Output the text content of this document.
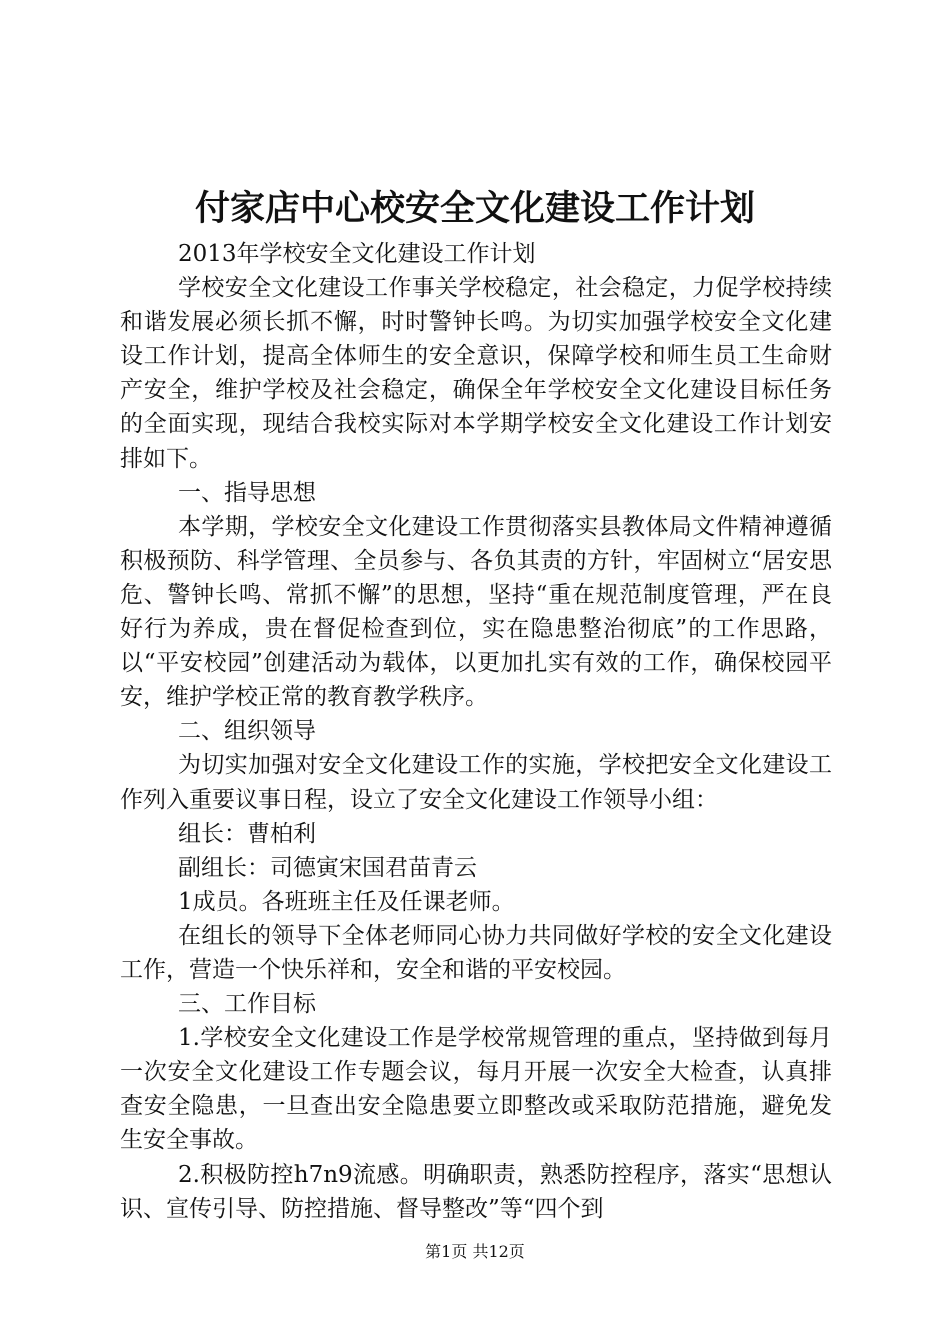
付家店中心校安全文化建设工作计划

2013年学校安全文化建设工作计划

学校安全文化建设工作事关学校稳定，社会稳定，力促学校持续和谐发展必须长抓不懈，时时警钟长鸣。为切实加强学校安全文化建设工作计划，提高全体师生的安全意识，保障学校和师生员工生命财产安全，维护学校及社会稳定，确保全年学校安全文化建设目标任务的全面实现，现结合我校实际对本学期学校安全文化建设工作计划安排如下。

一、指导思想

本学期，学校安全文化建设工作贯彻落实县教体局文件精神遵循积极预防、科学管理、全员参与、各负其责的方针，牢固树立“居安思危、警钟长鸣、常抓不懈”的思想，坚持“重在规范制度管理，严在良好行为养成，贵在督促检查到位，实在隐患整治彻底”的工作思路，以“平安校园”创建活动为载体，以更加扎实有效的工作，确保校园平安，维护学校正常的教育教学秩序。

二、组织领导

为切实加强对安全文化建设工作的实施，学校把安全文化建设工作列入重要议事日程，设立了安全文化建设工作领导小组：

组长：曹柏利

副组长：司德寅宋国君苗青云

1成员。各班班主任及任课老师。

在组长的领导下全体老师同心协力共同做好学校的安全文化建设工作，营造一个快乐祥和，安全和谐的平安校园。

三、工作目标

1.学校安全文化建设工作是学校常规管理的重点，坚持做到每月一次安全文化建设工作专题会议，每月开展一次安全大检查，认真排查安全隐患，一旦查出安全隐患要立即整改或采取防范措施，避免发生安全事故。

2.积极防控h7n9流感。明确职责，熟悉防控程序，落实“思想认识、宣传引导、防控措施、督导整改”等“四个到

第1页 共12页
